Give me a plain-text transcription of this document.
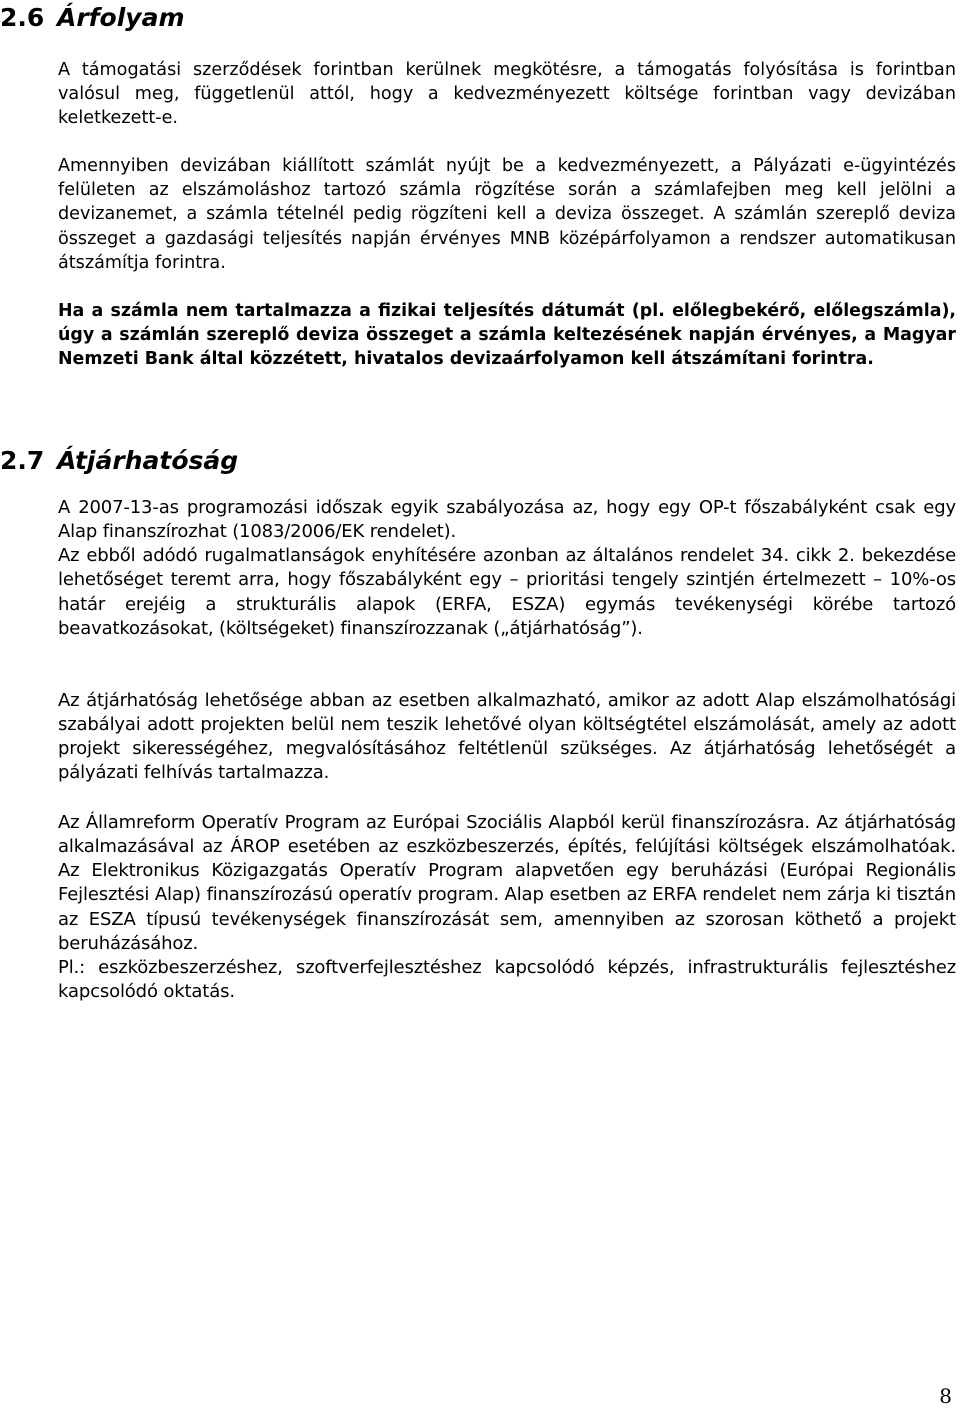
2.6 Árfolyam

A támogatási szerződések forintban kerülnek megkötésre, a támogatás folyósítása is forintban valósul meg, függetlenül attól, hogy a kedvezményezett költsége forintban vagy devizában keletkezett-e.

Amennyiben devizában kiállított számlát nyújt be a kedvezményezett, a Pályázati e-ügyintézés felületen az elszámoláshoz tartozó számla rögzítése során a számlafejben meg kell jelölni a devizanemet, a számla tételnél pedig rögzíteni kell a deviza összeget. A számlán szereplő deviza összeget a gazdasági teljesítés napján érvényes MNB középárfolyamon a rendszer automatikusan átszámítja forintra.

Ha a számla nem tartalmazza a fizikai teljesítés dátumát (pl. előlegbekérő, előlegszámla), úgy a számlán szereplő deviza összeget a számla keltezésének napján érvényes, a Magyar Nemzeti Bank által közzétett, hivatalos devizaárfolyamon kell átszámítani forintra.

2.7 Átjárhatóság

A 2007-13-as programozási időszak egyik szabályozása az, hogy egy OP-t főszabályként csak egy Alap finanszírozhat (1083/2006/EK rendelet).
Az ebből adódó rugalmatlanságok enyhítésére azonban az általános rendelet 34. cikk 2. bekezdése lehetőséget teremt arra, hogy főszabályként egy – prioritási tengely szintjén értelmezett – 10%-os határ erejéig a strukturális alapok (ERFA, ESZA) egymás tevékenységi körébe tartozó beavatkozásokat, (költségeket) finanszírozzanak („átjárhatóság”).

Az átjárhatóság lehetősége abban az esetben alkalmazható, amikor az adott Alap elszámolhatósági szabályai adott projekten belül nem teszik lehetővé olyan költségtétel elszámolását, amely az adott projekt sikerességéhez, megvalósításához feltétlenül szükséges. Az átjárhatóság lehetőségét a pályázati felhívás tartalmazza.

Az Államreform Operatív Program az Európai Szociális Alapból kerül finanszírozásra. Az átjárhatóság alkalmazásával az ÁROP esetében az eszközbeszerzés, építés, felújítási költségek elszámolhatóak. Az Elektronikus Közigazgatás Operatív Program alapvetően egy beruházási (Európai Regionális Fejlesztési Alap) finanszírozású operatív program. Alap esetben az ERFA rendelet nem zárja ki tisztán az ESZA típusú tevékenységek finanszírozását sem, amennyiben az szorosan köthető a projekt beruházásához.
Pl.: eszközbeszerzéshez, szoftverfejlesztéshez kapcsolódó képzés, infrastrukturális fejlesztéshez kapcsolódó oktatás.

8
